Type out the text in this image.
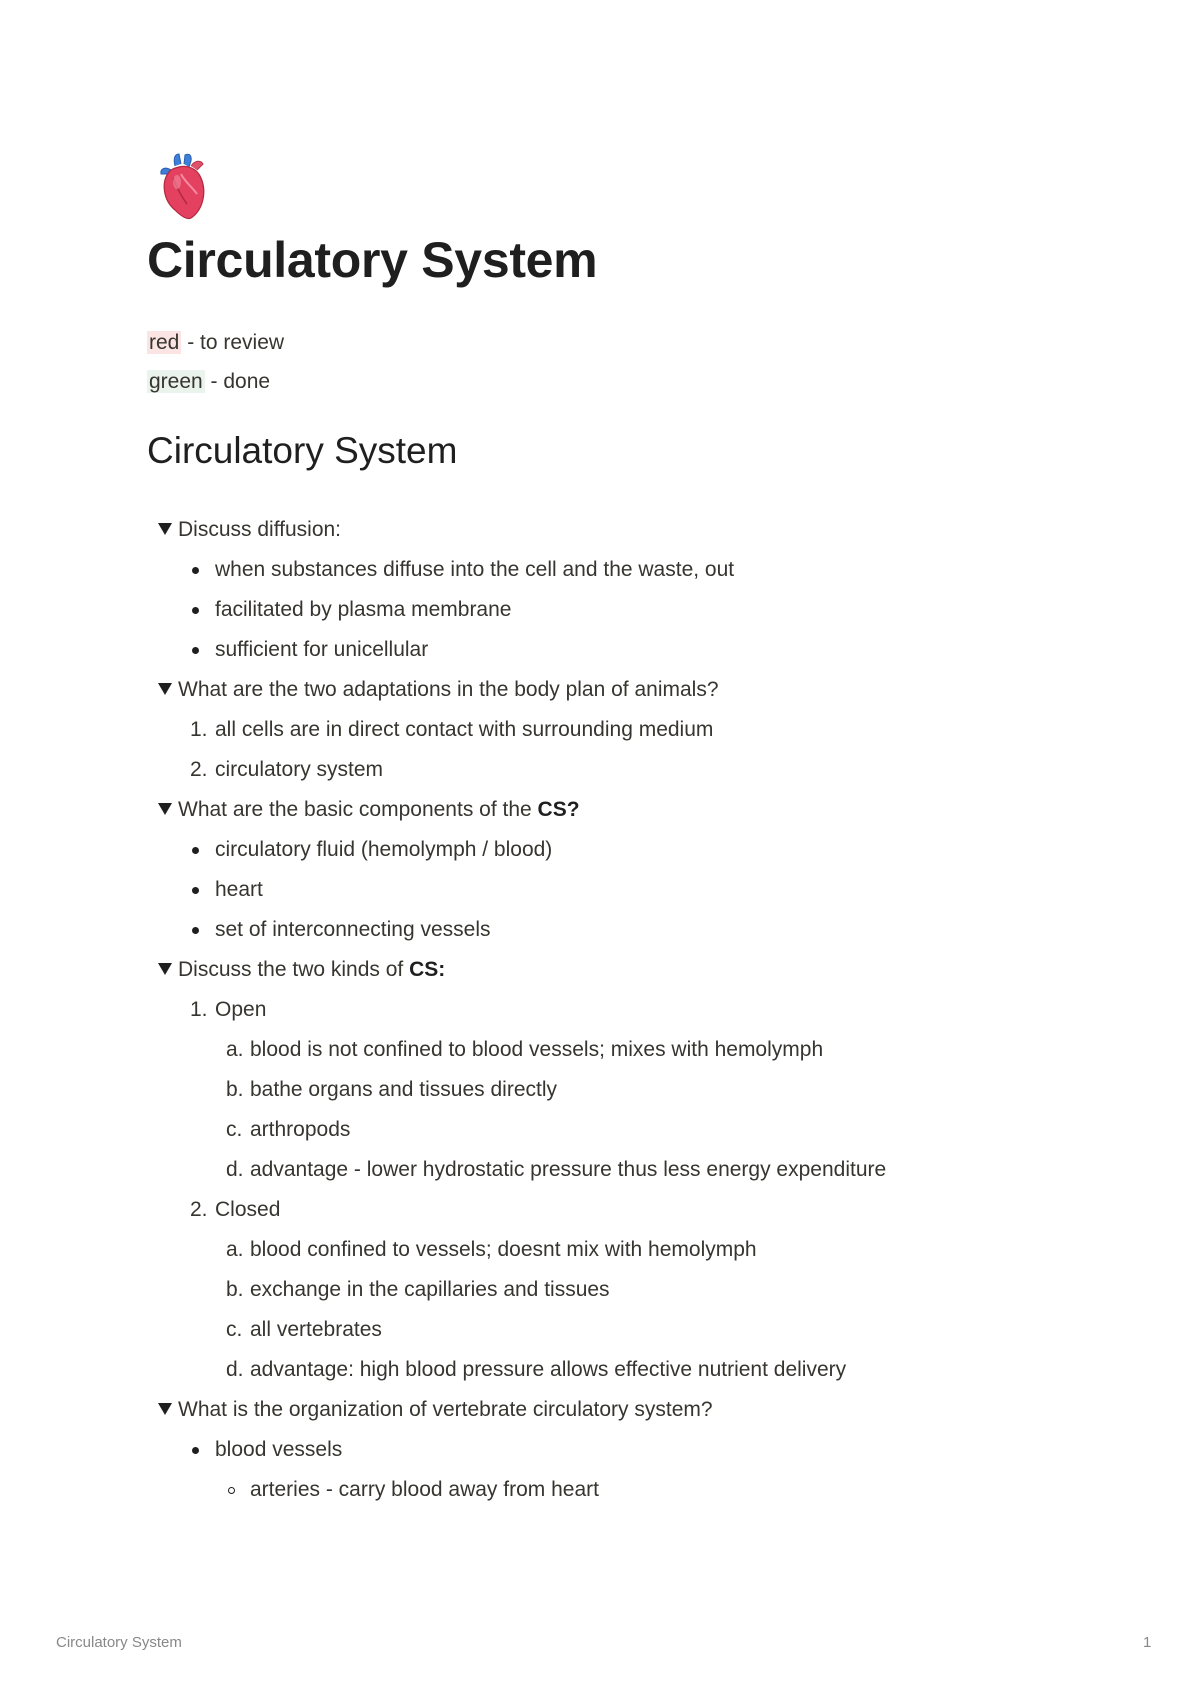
Circulatory System
red - to review
green - done
Circulatory System
Discuss diffusion:
when substances diffuse into the cell and the waste, out
facilitated by plasma membrane
sufficient for unicellular
What are the two adaptations in the body plan of animals?
1. all cells are in direct contact with surrounding medium
2. circulatory system
What are the basic components of the CS?
circulatory fluid (hemolymph / blood)
heart
set of interconnecting vessels
Discuss the two kinds of CS:
1. Open
a. blood is not confined to blood vessels; mixes with hemolymph
b. bathe organs and tissues directly
c. arthropods
d. advantage - lower hydrostatic pressure thus less energy expenditure
2. Closed
a. blood confined to vessels; doesnt mix with hemolymph
b. exchange in the capillaries and tissues
c. all vertebrates
d. advantage: high blood pressure allows effective nutrient delivery
What is the organization of vertebrate circulatory system?
blood vessels
arteries - carry blood away from heart
Circulatory System	1
